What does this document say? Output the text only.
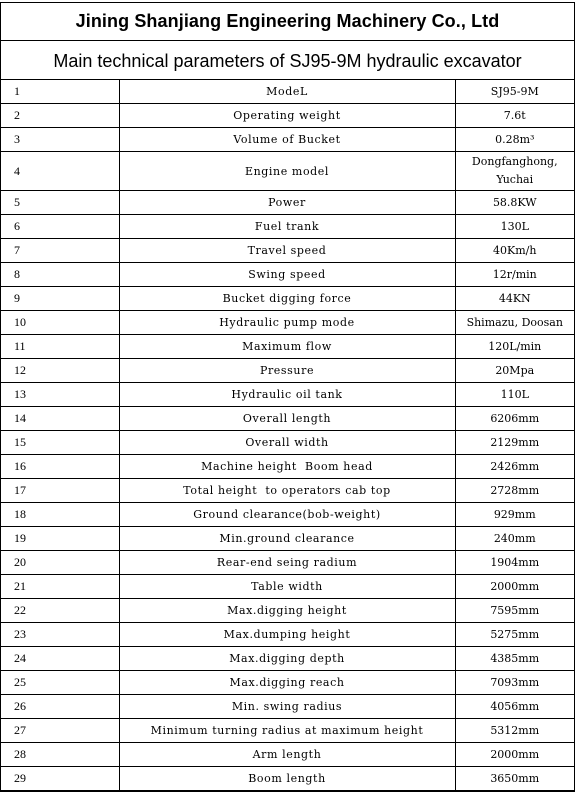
Jining Shanjiang Engineering Machinery Co., Ltd
Main technical parameters of SJ95-9M hydraulic excavator
1	ModeL	SJ95-9M
2	Operating weight	7.6t
3	Volume of Bucket	0.28m³
4	Engine model	Dongfanghong,
Yuchai

5	Power	58.8KW
6	Fuel trank	130L
7	Travel speed	40Km/h
8	Swing speed	12r/min
9	Bucket digging force	44KN
10	Hydraulic pump mode	Shimazu, Doosan
11	Maximum flow	120L/min
12	Pressure	20Mpa
13	Hydraulic oil tank	110L
14	Overall length	6206mm
15	Overall width	2129mm
16	Machine height  Boom head	2426mm
17	Total height  to operators cab top	2728mm
18	Ground clearance(bob-weight)	929mm
19	Min.ground clearance	240mm
20	Rear-end seing radium	1904mm
21	Table width	2000mm
22	Max.digging height	7595mm
23	Max.dumping height	5275mm
24	Max.digging depth	4385mm
25	Max.digging reach	7093mm
26	Min. swing radius	4056mm
27	Minimum turning radius at maximum height	5312mm
28	Arm length	2000mm
29	Boom length	3650mm
